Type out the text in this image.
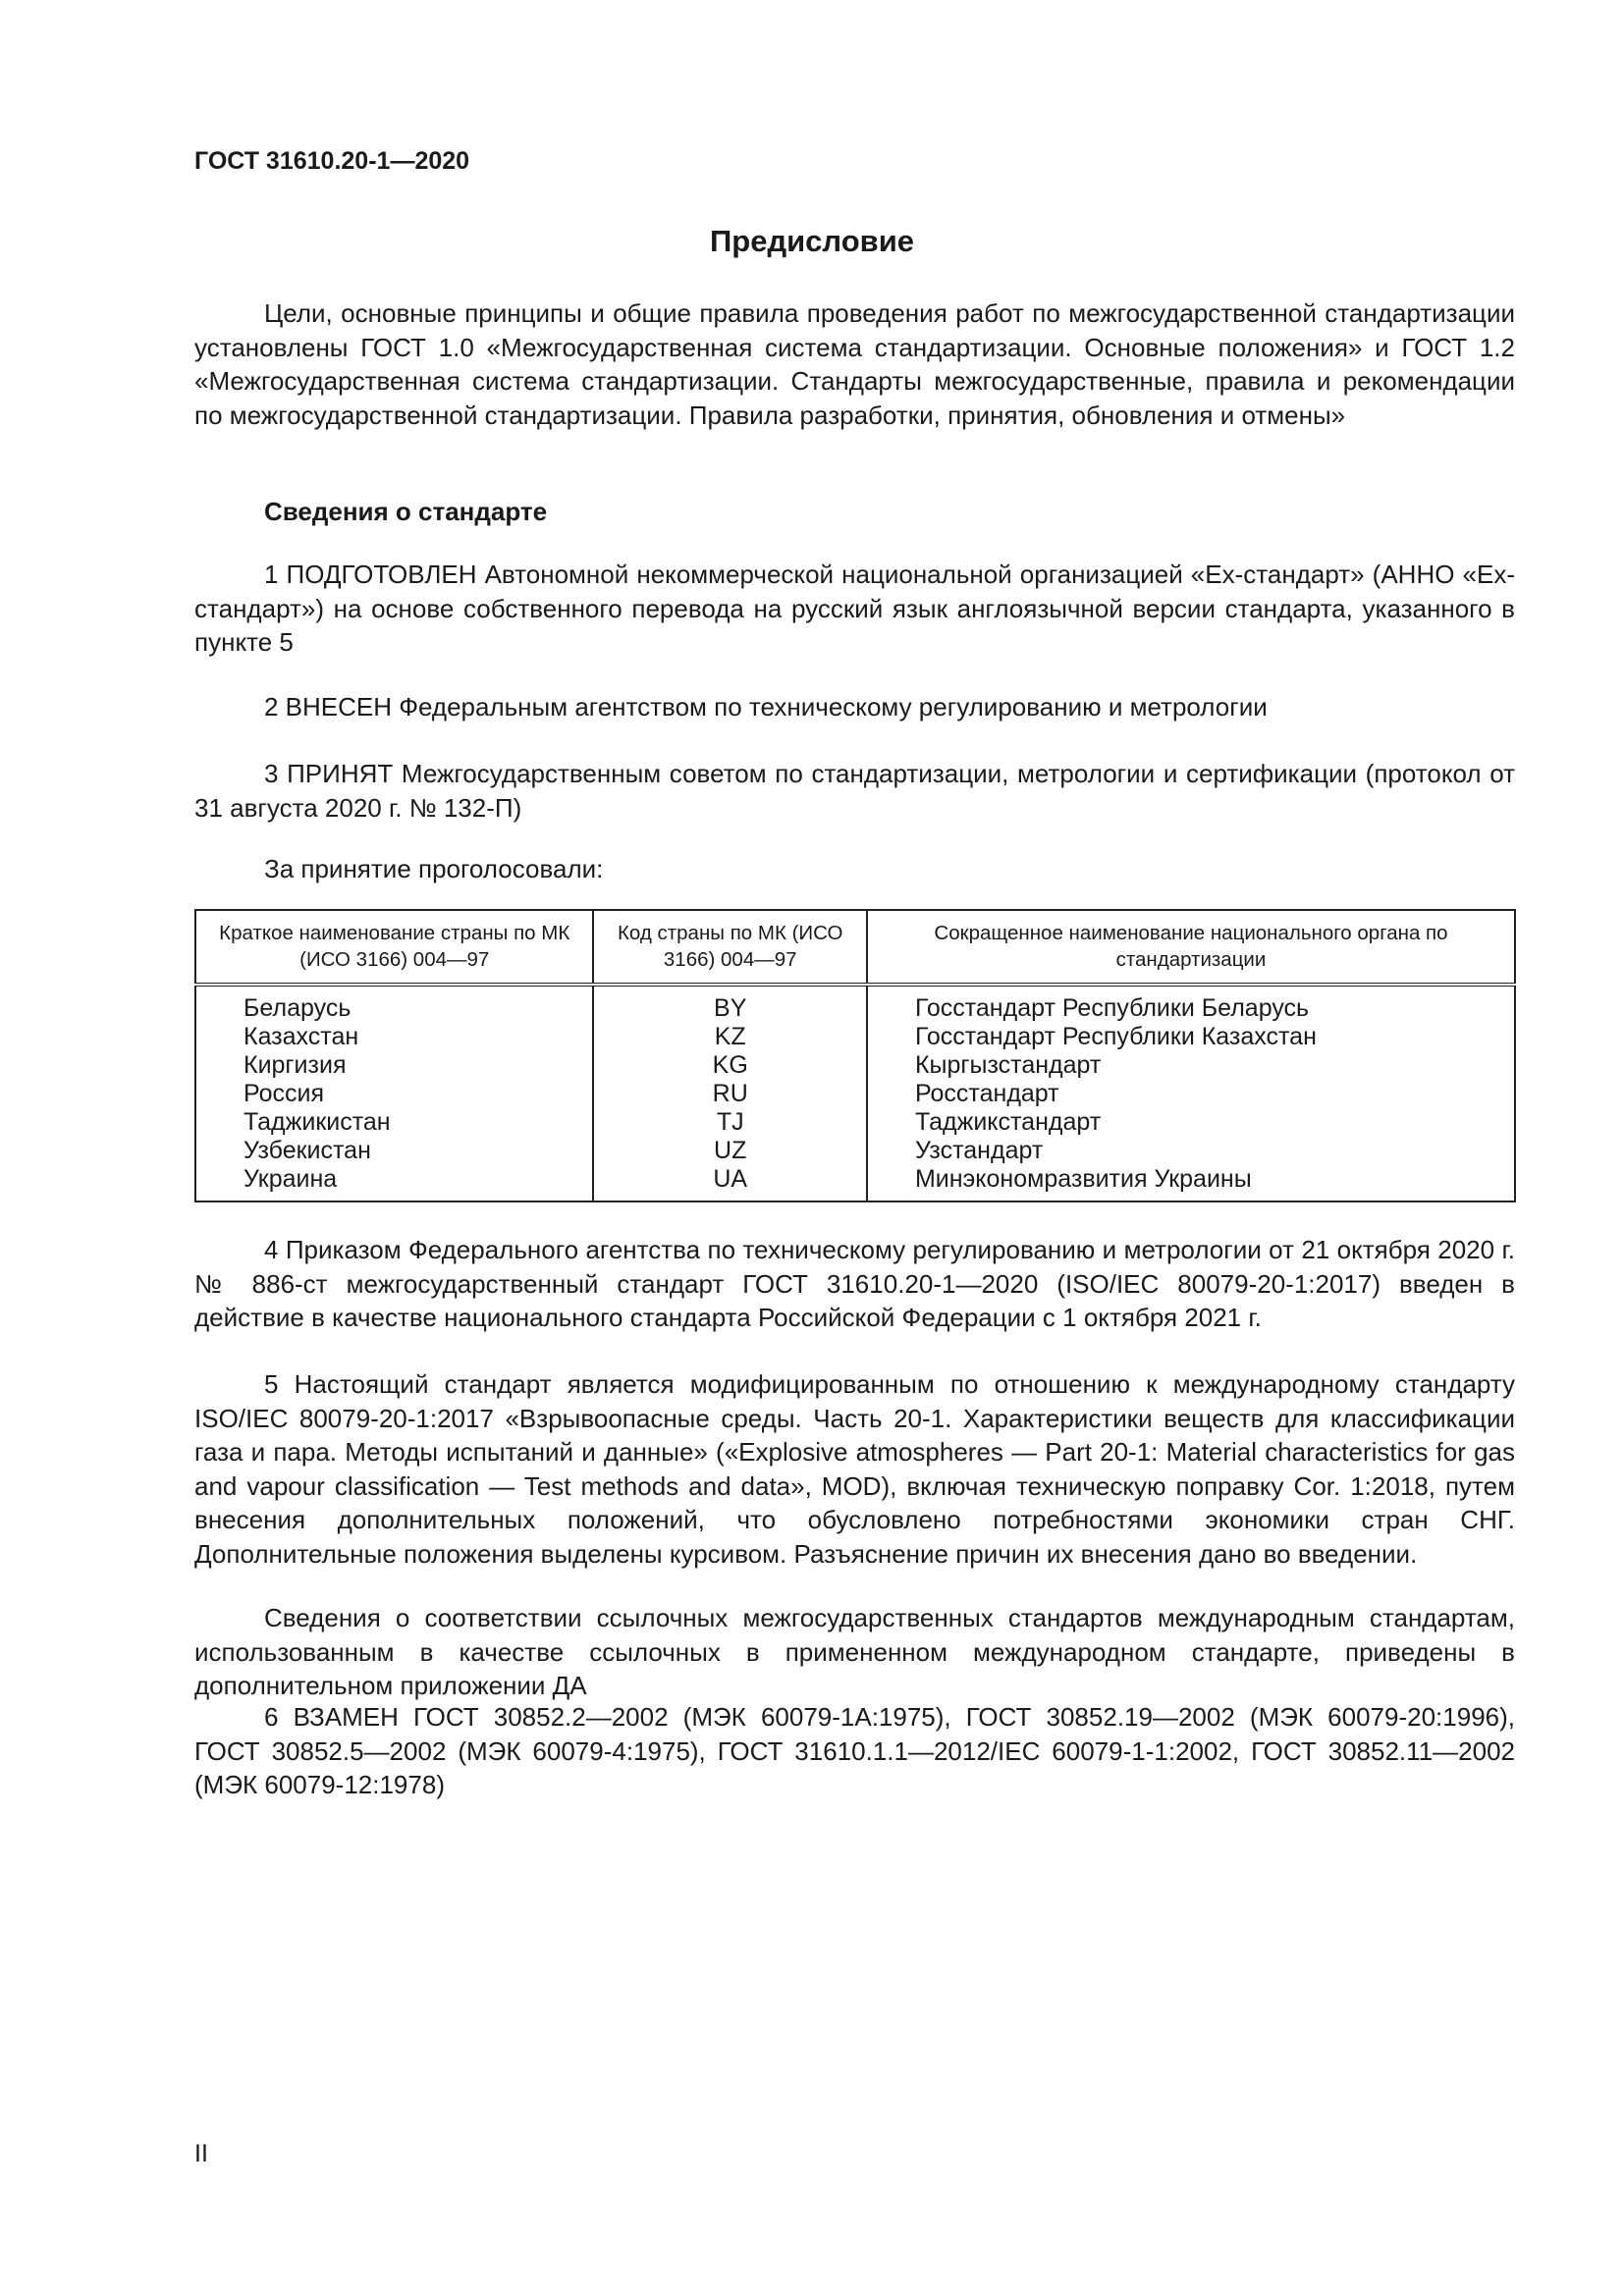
ГОСТ 31610.20-1—2020
Предисловие
Цели, основные принципы и общие правила проведения работ по межгосударственной стандартизации установлены ГОСТ 1.0 «Межгосударственная система стандартизации. Основные положения» и ГОСТ 1.2 «Межгосударственная система стандартизации. Стандарты межгосударственные, правила и рекомендации по межгосударственной стандартизации. Правила разработки, принятия, обновления и отмены»
Сведения о стандарте
1 ПОДГОТОВЛЕН Автономной некоммерческой национальной организацией «Ех-стандарт» (АННО «Ех-стандарт») на основе собственного перевода на русский язык англоязычной версии стандарта, указанного в пункте 5
2 ВНЕСЕН Федеральным агентством по техническому регулированию и метрологии
3 ПРИНЯТ Межгосударственным советом по стандартизации, метрологии и сертификации (протокол от 31 августа 2020 г. № 132-П)
За принятие проголосовали:
Краткое наименование страны по МК (ИСО 3166) 004—97	Код страны по МК (ИСО 3166) 004—97	Сокращенное наименование национального органа по стандартизации
Беларусь	BY	Госстандарт Республики Беларусь
Казахстан	KZ	Госстандарт Республики Казахстан
Киргизия	KG	Кыргызстандарт
Россия	RU	Росстандарт
Таджикистан	TJ	Таджикстандарт
Узбекистан	UZ	Узстандарт
Украина	UA	Минэкономразвития Украины
4 Приказом Федерального агентства по техническому регулированию и метрологии от 21 октября 2020 г. № 886-ст межгосударственный стандарт ГОСТ 31610.20-1—2020 (ISO/IEC 80079-20-1:2017) введен в действие в качестве национального стандарта Российской Федерации с 1 октября 2021 г.
5 Настоящий стандарт является модифицированным по отношению к международному стандарту ISO/IEC 80079-20-1:2017 «Взрывоопасные среды. Часть 20-1. Характеристики веществ для классификации газа и пара. Методы испытаний и данные» («Explosive atmospheres — Part 20-1: Material characteristics for gas and vapour classification — Test methods and data», MOD), включая техническую поправку Cor. 1:2018, путем внесения дополнительных положений, что обусловлено потребностями экономики стран СНГ. Дополнительные положения выделены курсивом. Разъяснение причин их внесения дано во введении.
Сведения о соответствии ссылочных межгосударственных стандартов международным стандартам, использованным в качестве ссылочных в примененном международном стандарте, приведены в дополнительном приложении ДА
6 ВЗАМЕН ГОСТ 30852.2—2002 (МЭК 60079-1А:1975), ГОСТ 30852.19—2002 (МЭК 60079-20:1996), ГОСТ 30852.5—2002 (МЭК 60079-4:1975), ГОСТ 31610.1.1—2012/IEC 60079-1-1:2002, ГОСТ 30852.11—2002 (МЭК 60079-12:1978)
II
